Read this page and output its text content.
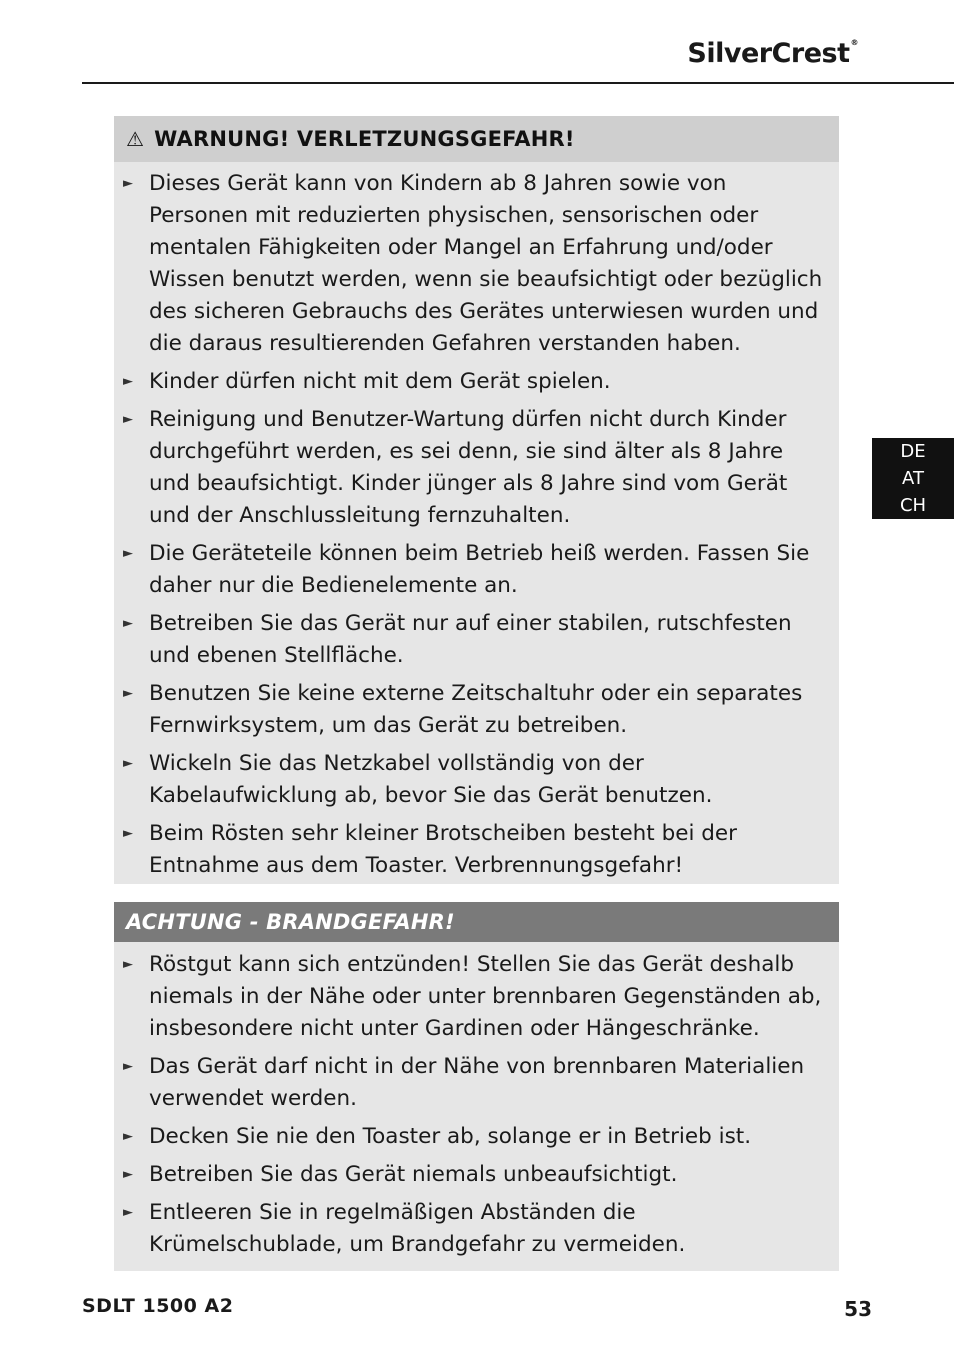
SilverCrest®
DE
AT
CH
⚠ WARNUNG! VERLETZUNGSGEFAHR!
► Dieses Gerät kann von Kindern ab 8 Jahren sowie von Personen mit reduzierten physischen, sensorischen oder mentalen Fähigkeiten oder Mangel an Erfahrung und/oder Wissen benutzt werden, wenn sie beaufsichtigt oder bezüglich des sicheren Gebrauchs des Gerätes unterwiesen wurden und die daraus resultierenden Gefahren verstanden haben.
► Kinder dürfen nicht mit dem Gerät spielen.
► Reinigung und Benutzer-Wartung dürfen nicht durch Kinder durchgeführt werden, es sei denn, sie sind älter als 8 Jahre und beaufsichtigt. Kinder jünger als 8 Jahre sind vom Gerät und der Anschlussleitung fernzuhalten.
► Die Geräteteile können beim Betrieb heiß werden. Fassen Sie daher nur die Bedienelemente an.
► Betreiben Sie das Gerät nur auf einer stabilen, rutschfesten und ebenen Stellfläche.
► Benutzen Sie keine externe Zeitschaltuhr oder ein separates Fernwirksystem, um das Gerät zu betreiben.
► Wickeln Sie das Netzkabel vollständig von der Kabelaufwicklung ab, bevor Sie das Gerät benutzen.
► Beim Rösten sehr kleiner Brotscheiben besteht bei der Entnahme aus dem Toaster. Verbrennungsgefahr!
ACHTUNG - BRANDGEFAHR!
► Röstgut kann sich entzünden! Stellen Sie das Gerät deshalb niemals in der Nähe oder unter brennbaren Gegenständen ab, insbesondere nicht unter Gardinen oder Hängeschränke.
► Das Gerät darf nicht in der Nähe von brennbaren Materialien verwendet werden.
► Decken Sie nie den Toaster ab, solange er in Betrieb ist.
► Betreiben Sie das Gerät niemals unbeaufsichtigt.
► Entleeren Sie in regelmäßigen Abständen die Krümelschublade, um Brandgefahr zu vermeiden.
SDLT 1500 A2	53
